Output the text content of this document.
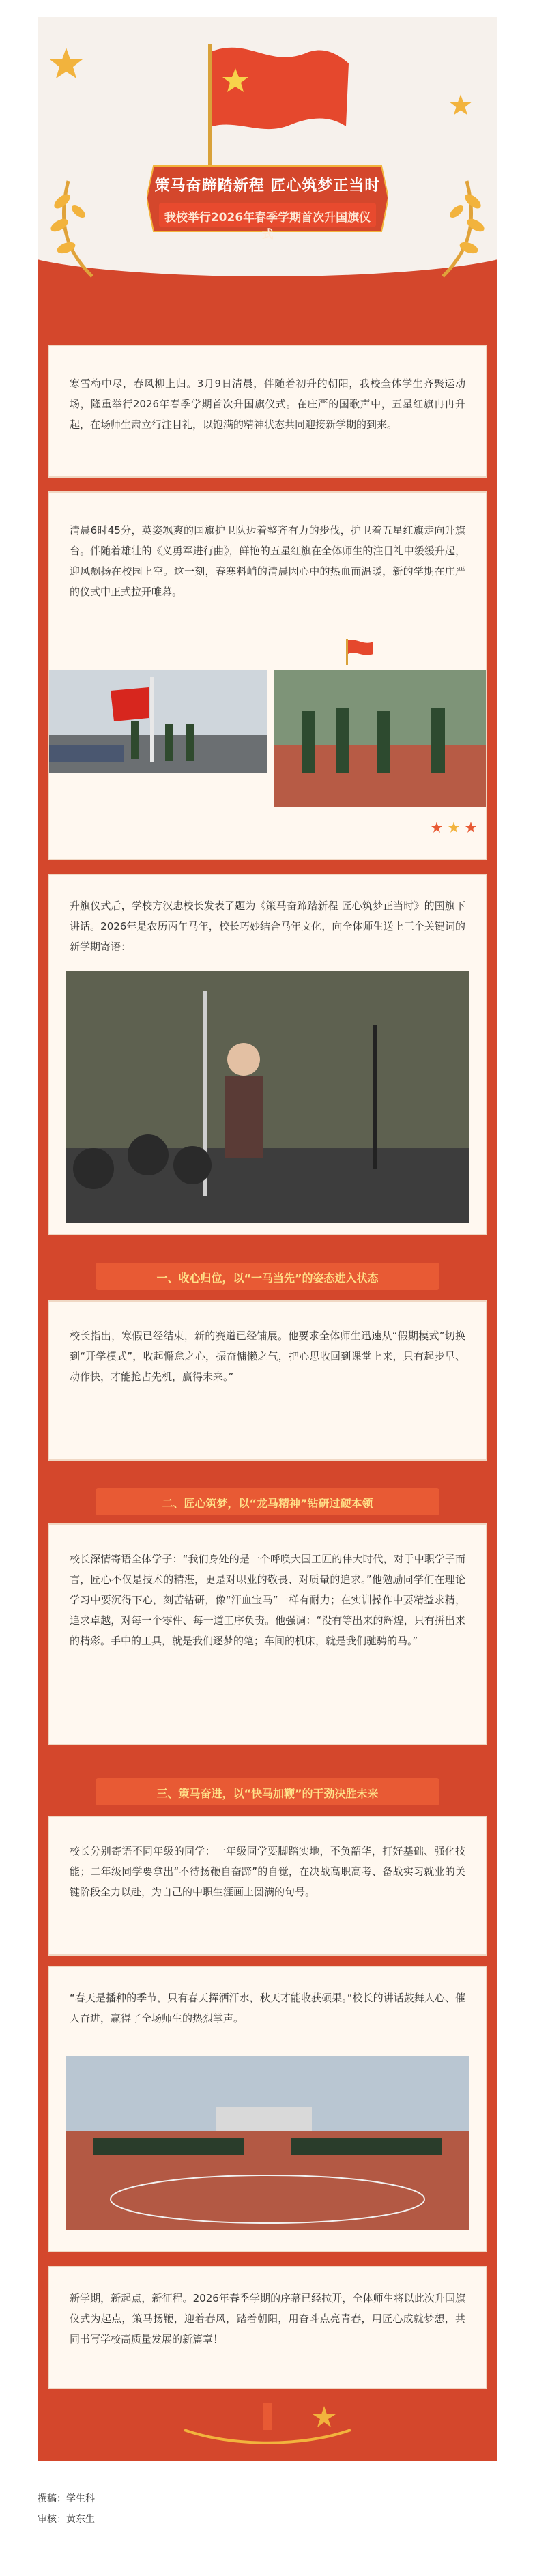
策马奋蹄踏新程 匠心筑梦正当时
我校举行2026年春季学期首次升国旗仪式
寒雪梅中尽，春风柳上归。3月9日清晨，伴随着初升的朝阳，我校全体学生齐聚运动场，隆重举行2026年春季学期首次升国旗仪式。在庄严的国歌声中，五星红旗冉冉升起，在场师生肃立行注目礼，以饱满的精神状态共同迎接新学期的到来。
清晨6时45分，英姿飒爽的国旗护卫队迈着整齐有力的步伐，护卫着五星红旗走向升旗台。伴随着雄壮的《义勇军进行曲》，鲜艳的五星红旗在全体师生的注目礼中缓缓升起，迎风飘扬在校园上空。这一刻，春寒料峭的清晨因心中的热血而温暖，新的学期在庄严的仪式中正式拉开帷幕。
升旗仪式后，学校方汉忠校长发表了题为《策马奋蹄踏新程 匠心筑梦正当时》的国旗下讲话。2026年是农历丙午马年，校长巧妙结合马年文化，向全体师生送上三个关键词的新学期寄语：
一、收心归位，以“一马当先”的姿态进入状态
校长指出，寒假已经结束，新的赛道已经铺展。他要求全体师生迅速从“假期模式”切换到“开学模式”，收起懈怠之心，振奋慵懒之气，把心思收回到课堂上来，只有起步早、动作快，才能抢占先机，赢得未来。”
二、匠心筑梦，以“龙马精神”钻研过硬本领
校长深情寄语全体学子：“我们身处的是一个呼唤大国工匠的伟大时代，对于中职学子而言，匠心不仅是技术的精湛，更是对职业的敬畏、对质量的追求。”他勉励同学们在理论学习中要沉得下心，刻苦钻研，像“汗血宝马”一样有耐力；在实训操作中要精益求精，追求卓越，对每一个零件、每一道工序负责。他强调：“没有等出来的辉煌，只有拼出来的精彩。手中的工具，就是我们逐梦的笔；车间的机床，就是我们驰骋的马。”
三、策马奋进，以“快马加鞭”的干劲决胜未来
校长分别寄语不同年级的同学：一年级同学要脚踏实地，不负韶华，打好基础、强化技能；二年级同学要拿出“不待扬鞭自奋蹄”的自觉，在决战高职高考、备战实习就业的关键阶段全力以赴，为自己的中职生涯画上圆满的句号。
“春天是播种的季节，只有春天挥洒汗水，秋天才能收获硕果。”校长的讲话鼓舞人心、催人奋进，赢得了全场师生的热烈掌声。
新学期，新起点，新征程。2026年春季学期的序幕已经拉开，全体师生将以此次升国旗仪式为起点，策马扬鞭，迎着春风，踏着朝阳，用奋斗点亮青春，用匠心成就梦想，共同书写学校高质量发展的新篇章！
撰稿：学生科
审核：黄东生
